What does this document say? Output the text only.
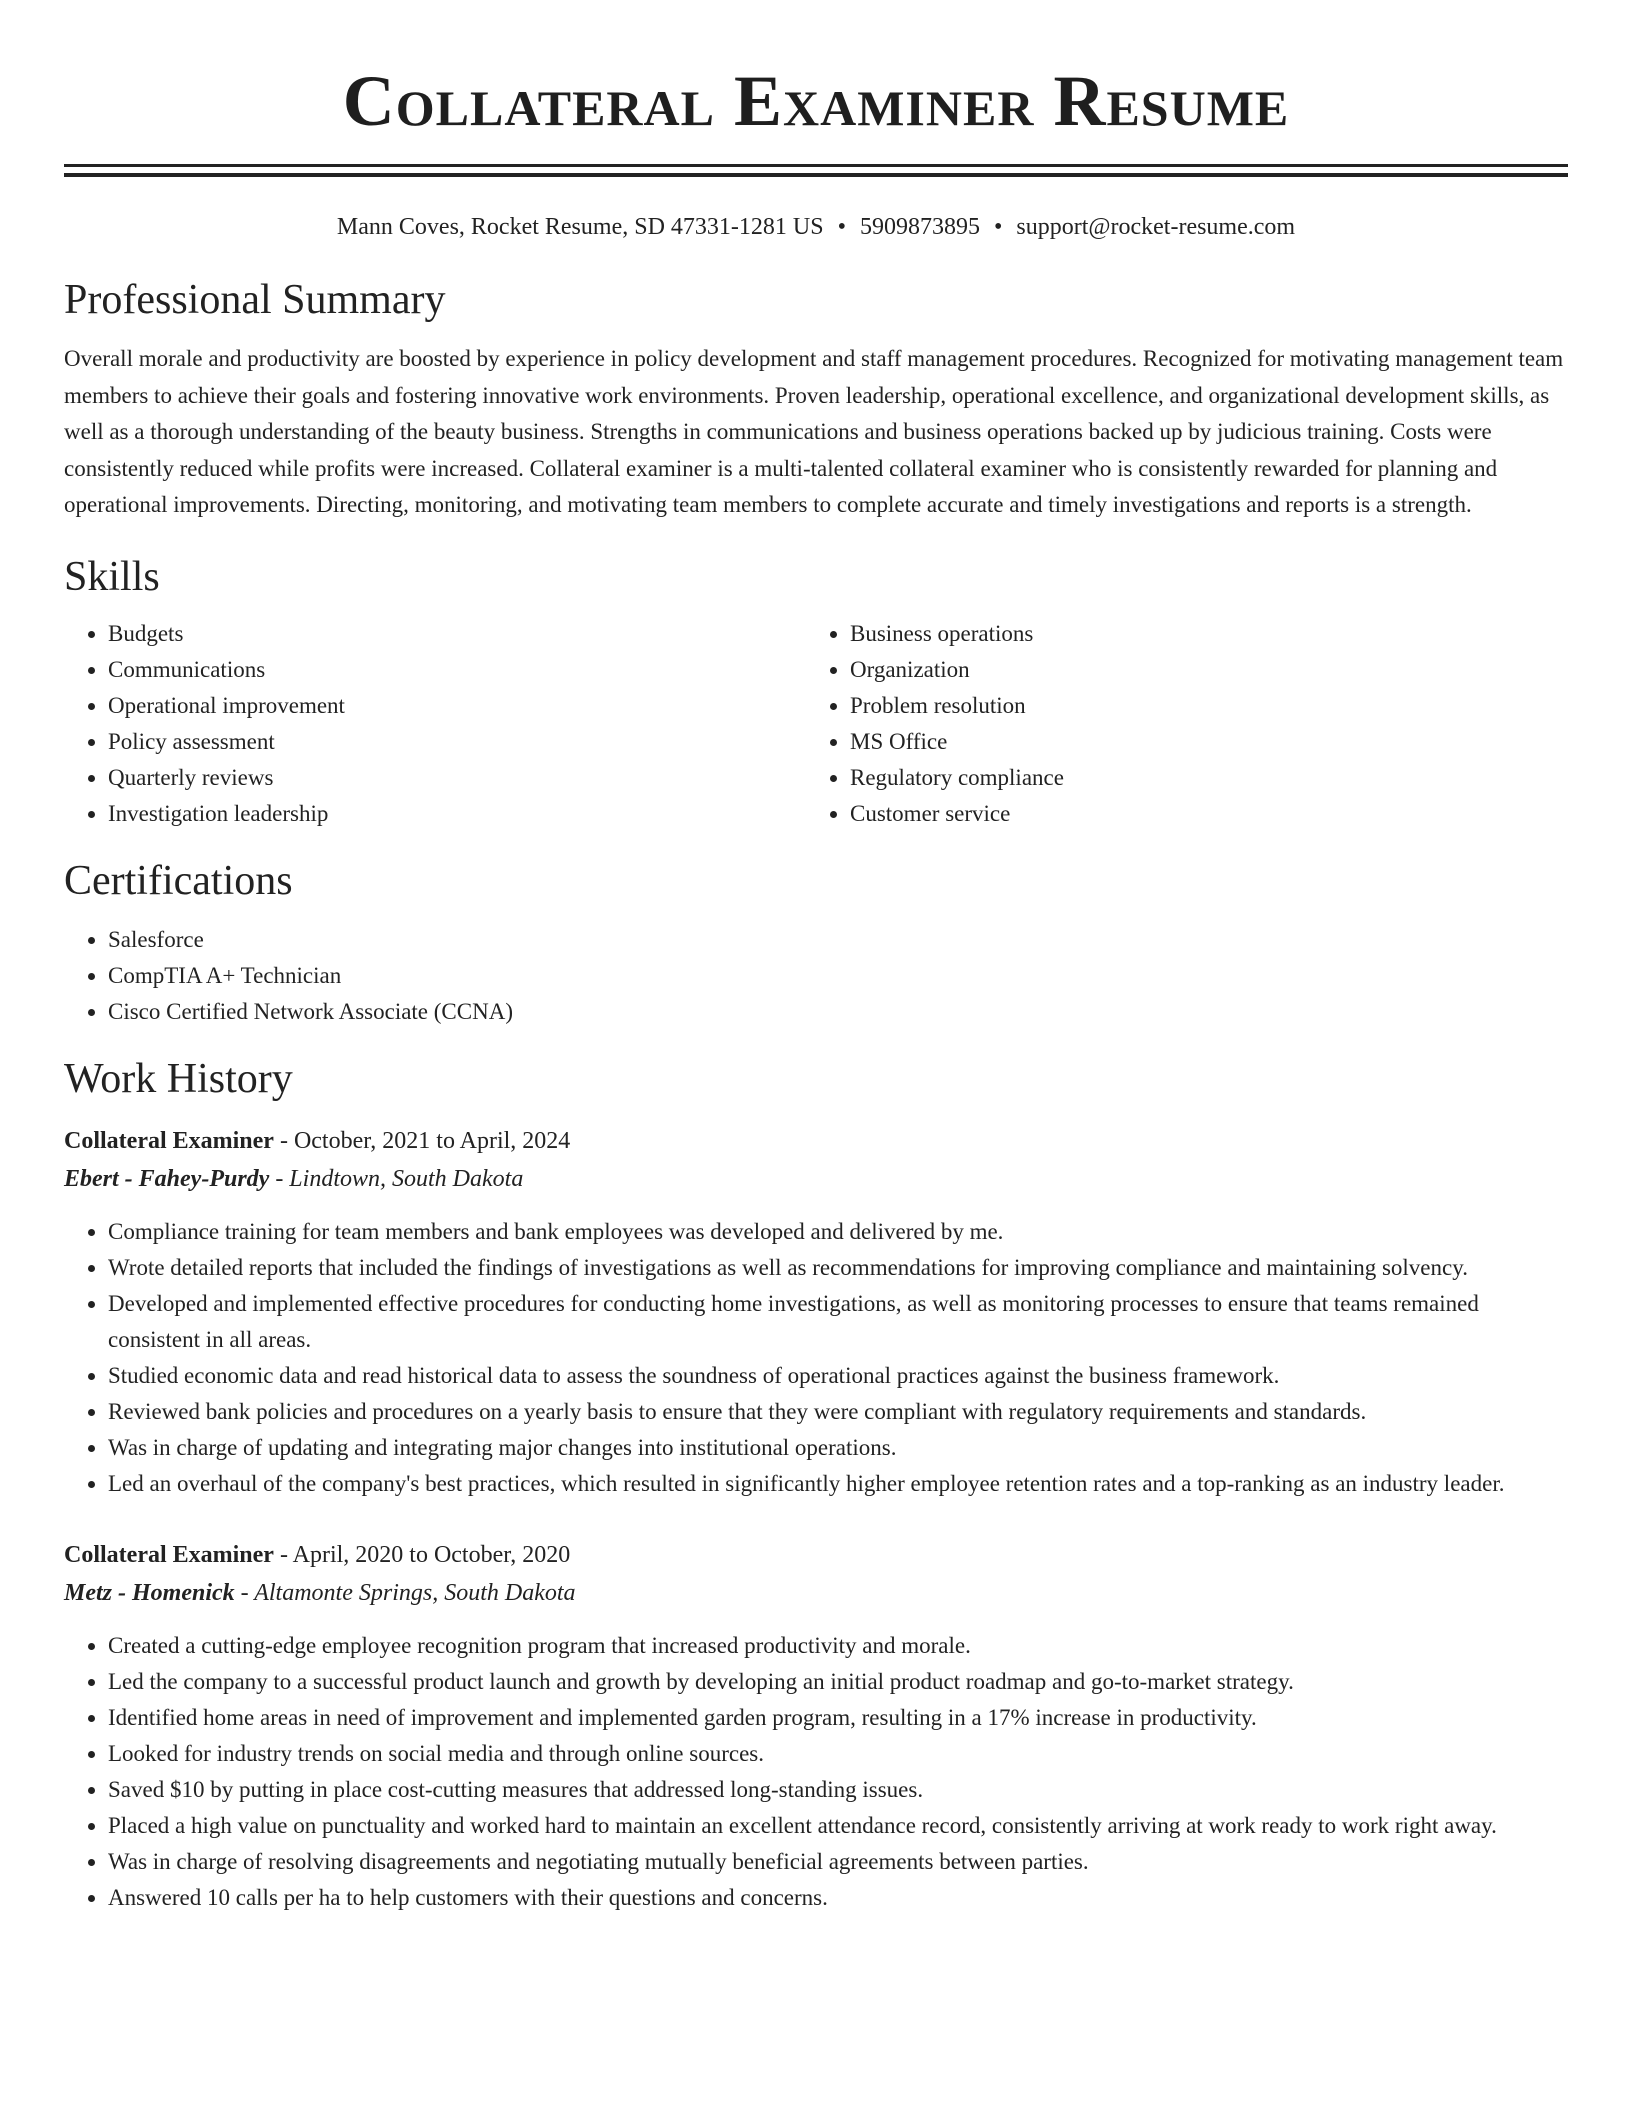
Collateral Examiner Resume
Mann Coves, Rocket Resume, SD 47331-1281 US • 5909873895 • support@rocket-resume.com
Professional Summary

Overall morale and productivity are boosted by experience in policy development and staff management procedures. Recognized for motivating management team members to achieve their goals and fostering innovative work environments. Proven leadership, operational excellence, and organizational development skills, as well as a thorough understanding of the beauty business. Strengths in communications and business operations backed up by judicious training. Costs were consistently reduced while profits were increased. Collateral examiner is a multi-talented collateral examiner who is consistently rewarded for planning and operational improvements. Directing, monitoring, and motivating team members to complete accurate and timely investigations and reports is a strength.

Skills
• Budgets
• Communications
• Operational improvement
• Policy assessment
• Quarterly reviews
• Investigation leadership
• Business operations
• Organization
• Problem resolution
• MS Office
• Regulatory compliance
• Customer service
Certifications
• Salesforce
• CompTIA A+ Technician
• Cisco Certified Network Associate (CCNA)
Work History
Collateral Examiner - October, 2021 to April, 2024
Ebert - Fahey-Purdy - Lindtown, South Dakota
• Compliance training for team members and bank employees was developed and delivered by me.
• Wrote detailed reports that included the findings of investigations as well as recommendations for improving compliance and maintaining solvency.
• Developed and implemented effective procedures for conducting home investigations, as well as monitoring processes to ensure that teams remained consistent in all areas.
• Studied economic data and read historical data to assess the soundness of operational practices against the business framework.
• Reviewed bank policies and procedures on a yearly basis to ensure that they were compliant with regulatory requirements and standards.
• Was in charge of updating and integrating major changes into institutional operations.
• Led an overhaul of the company's best practices, which resulted in significantly higher employee retention rates and a top-ranking as an industry leader.
Collateral Examiner - April, 2020 to October, 2020
Metz - Homenick - Altamonte Springs, South Dakota
• Created a cutting-edge employee recognition program that increased productivity and morale.
• Led the company to a successful product launch and growth by developing an initial product roadmap and go-to-market strategy.
• Identified home areas in need of improvement and implemented garden program, resulting in a 17% increase in productivity.
• Looked for industry trends on social media and through online sources.
• Saved $10 by putting in place cost-cutting measures that addressed long-standing issues.
• Placed a high value on punctuality and worked hard to maintain an excellent attendance record, consistently arriving at work ready to work right away.
• Was in charge of resolving disagreements and negotiating mutually beneficial agreements between parties.
• Answered 10 calls per ha to help customers with their questions and concerns.
